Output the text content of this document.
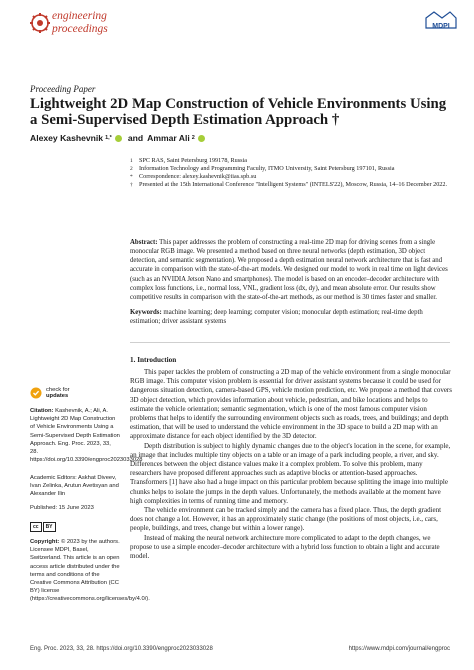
engineering
proceedings	MDPI
Proceeding Paper
Lightweight 2D Map Construction of Vehicle Environments Using a Semi-Supervised Depth Estimation Approach †
Alexey Kashevnik 1,* and Ammar Ali 2
1	SPC RAS, Saint Petersburg 199178, Russia
2	Information Technology and Programming Faculty, ITMO University, Saint Petersburg 197101, Russia
*	Correspondence: alexey.kashevnik@iias.spb.su
†	Presented at the 15th International Conference "Intelligent Systems" (INTELS'22), Moscow, Russia, 14–16 December 2022.
Abstract: This paper addresses the problem of constructing a real-time 2D map for driving scenes from a single monocular RGB image. We presented a method based on three neural networks (depth estimation, 3D object detection, and semantic segmentation). We proposed a depth estimation neural network architecture that is fast and accurate in comparison with the state-of-the-art models. We designed our model to work in real time on light devices (such as an NVIDIA Jetson Nano and smartphones). The model is based on an encoder–decoder architecture with complex loss functions, i.e., normal loss, VNL, gradient loss (dx, dy), and mean absolute error. Our results show competitive results in comparison with the state-of-the-art methods, as our method is 30 times faster and smaller.
Keywords: machine learning; deep learning; computer vision; monocular depth estimation; real-time depth estimation; driver assistant systems
1. Introduction

This paper tackles the problem of constructing a 2D map of the vehicle environment from a single monocular RGB image. This computer vision problem is essential for driver assistant systems because it could be used for dangerous situation detection, camera-based GPS, vehicle motion prediction, etc. We propose a method that covers 3D object detection, which provides information about vehicle, pedestrian, and bike locations and helps to estimate the vehicle orientation; semantic segmentation, which is one of the most famous computer vision problems that helps to identify the surrounding environment objects such as roads, trees, and buildings; and depth estimation, that will be used to understand the vehicle environment in the 3D space to build a 2D map with an approximate distance for each object identified by the 3D detector.

Depth distribution is subject to highly dynamic changes due to the object's location in the scene, for example, an image that includes multiple tiny objects on a table or an image of a park including people, a river, and sky. Differences between the object distance values make it a complex problem. To solve this problem, many researchers have proposed different approaches such as adaptive blocks or attention-based approaches. Transformers [1] have also had a huge impact on this particular problem because splitting the image into multiple chunks helps to isolate the jumps in the depth values. Unfortunately, the methods available at the moment have high complexities in terms of running time and memory.

The vehicle environment can be tracked simply and the camera has a fixed place. Thus, the depth gradient does not change a lot. However, it has an approximately static change (the positions of most objects, i.e., cars, people, buildings, and trees, change but within a lower range).

Instead of making the neural network architecture more complicated to adapt to the depth changes, we propose to use a simple encoder–decoder architecture with a hybrid loss function to obtain a light and accurate model.

check for
updates
Citation: Kashevnik, A.; Ali, A. Lightweight 2D Map Construction of Vehicle Environments Using a Semi-Supervised Depth Estimation Approach. Eng. Proc. 2023, 33, 28. https://doi.org/10.3390/engproc2023033028
Academic Editors: Askhat Diveev, Ivan Zelinka, Arutun Avetisyan and Alexander Ilin
Published: 15 June 2023
cc	BY
Copyright: © 2023 by the authors. Licensee MDPI, Basel, Switzerland. This article is an open access article distributed under the terms and conditions of the Creative Commons Attribution (CC BY) license (https://creativecommons.org/licenses/by/4.0/).
Eng. Proc. 2023, 33, 28. https://doi.org/10.3390/engproc2023033028	https://www.mdpi.com/journal/engproc
